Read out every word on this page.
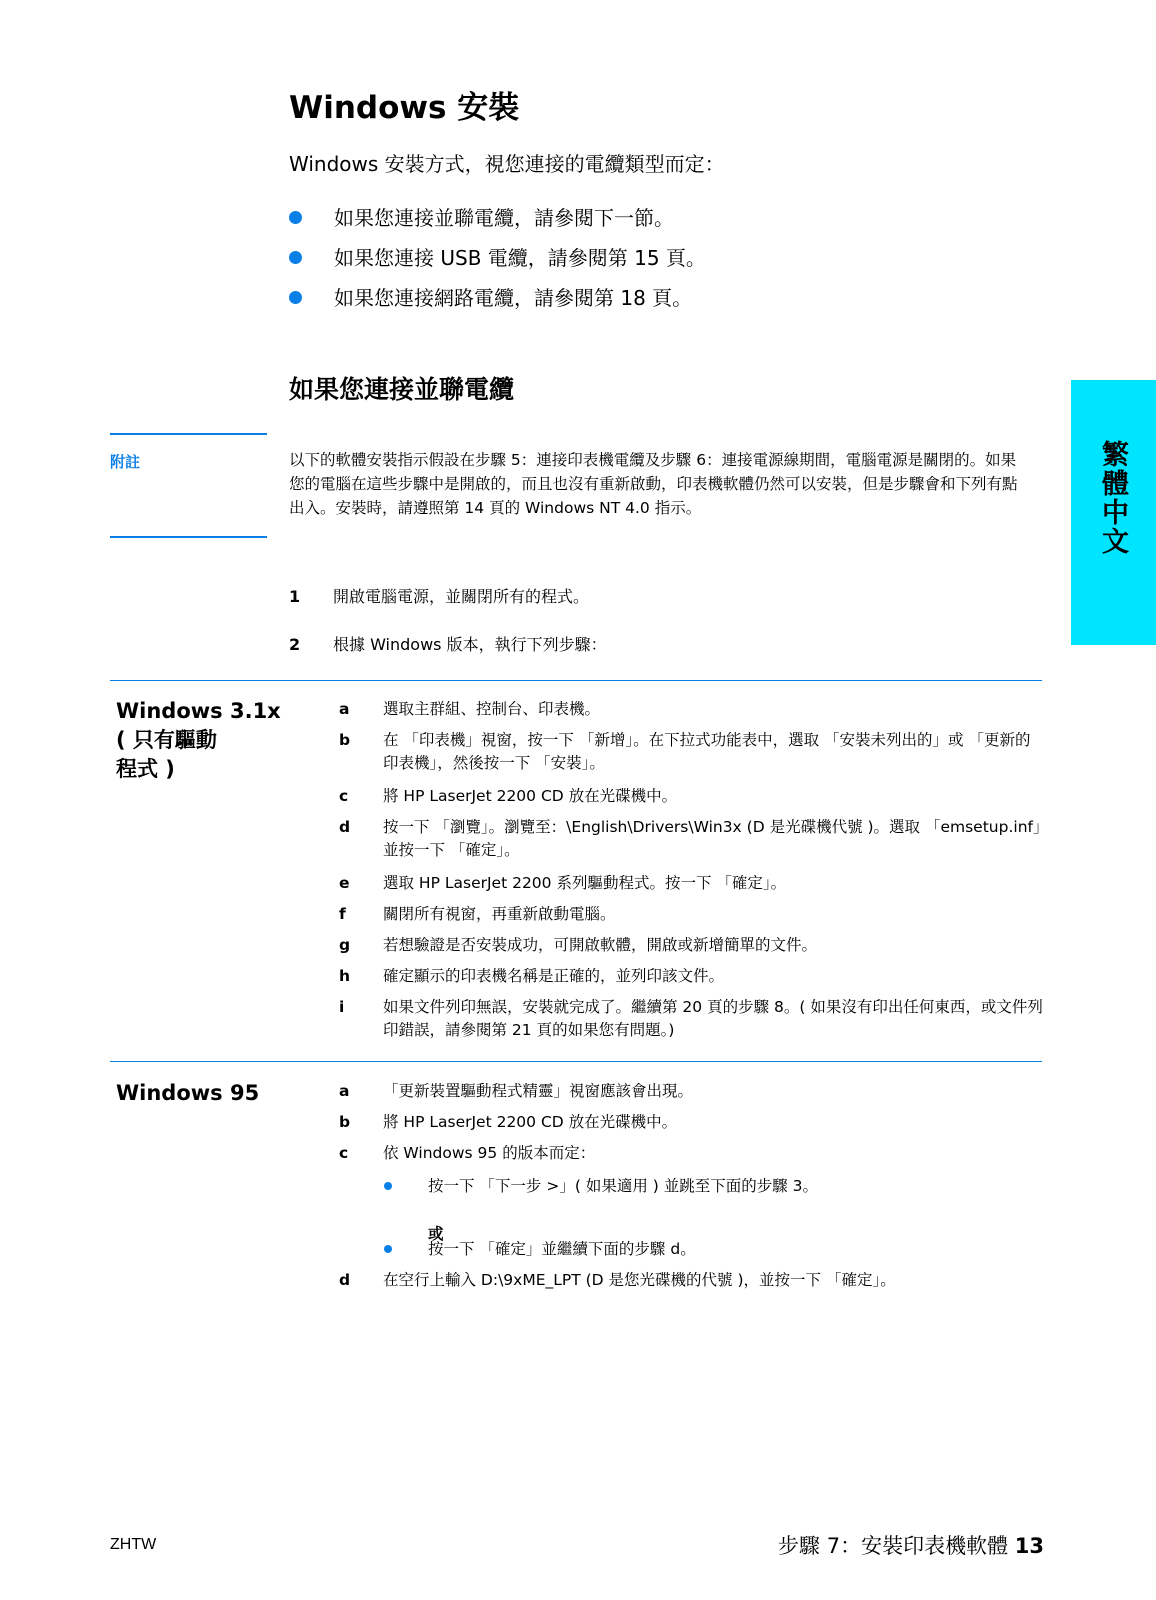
Windows 安裝
Windows 安裝方式，視您連接的電纜類型而定：
如果您連接並聯電纜，請參閱下一節。
如果您連接 USB 電纜，請參閱第 15 頁。
如果您連接網路電纜，請參閱第 18 頁。
如果您連接並聯電纜
附註	以下的軟體安裝指示假設在步驟 5：連接印表機電纜及步驟 6：連接電源線期間，電腦電源是關閉的。如果您的電腦在這些步驟中是開啟的，而且也沒有重新啟動，印表機軟體仍然可以安裝，但是步驟會和下列有點出入。安裝時，請遵照第 14 頁的 Windows NT 4.0 指示。
1 開啟電腦電源，並關閉所有的程式。
2 根據 Windows 版本，執行下列步驟：
Windows 3.1x
( 只有驅動
程式 )
a 選取主群組、控制台、印表機。
b 在 「印表機」視窗，按一下 「新增」。在下拉式功能表中，選取 「安裝未列出的」或 「更新的印表機」，然後按一下 「安裝」。
c 將 HP LaserJet 2200 CD 放在光碟機中。
d 按一下 「瀏覽」。瀏覽至：\English\Drivers\Win3x (D 是光碟機代號 )。選取 「emsetup.inf」並按一下 「確定」。
e 選取 HP LaserJet 2200 系列驅動程式。按一下 「確定」。
f 關閉所有視窗，再重新啟動電腦。
g 若想驗證是否安裝成功，可開啟軟體，開啟或新增簡單的文件。
h 確定顯示的印表機名稱是正確的，並列印該文件。
i 如果文件列印無誤，安裝就完成了。繼續第 20 頁的步驟 8。( 如果沒有印出任何東西，或文件列印錯誤，請參閱第 21 頁的如果您有問題。)
Windows 95	a 「更新裝置驅動程式精靈」視窗應該會出現。
b 將 HP LaserJet 2200 CD 放在光碟機中。
c 依 Windows 95 的版本而定：
按一下 「下一步 >」( 如果適用 ) 並跳至下面的步驟 3。
或
按一下 「確定」並繼續下面的步驟 d。
d 在空行上輸入 D:\9xME_LPT (D 是您光碟機的代號 )，並按一下 「確定」。
繁體中文
ZHTW	步驟 7：安裝印表機軟體 13
